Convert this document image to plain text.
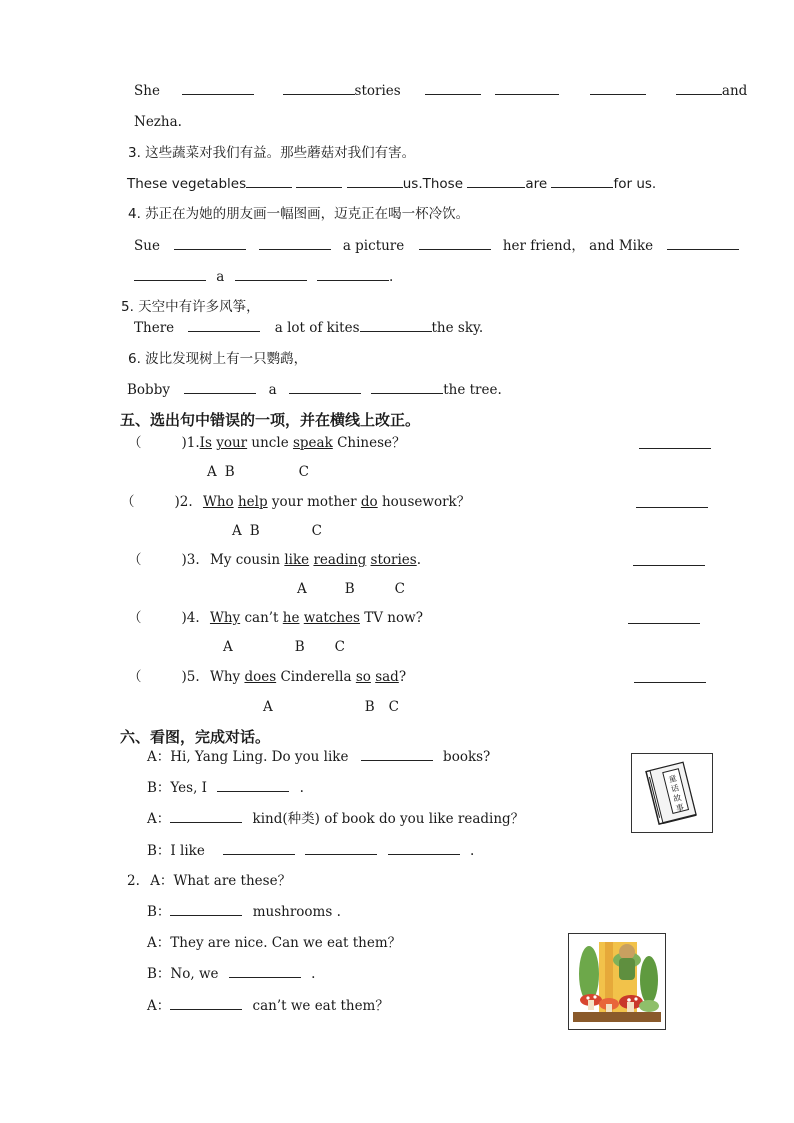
She	stories	and
Nezha.
3. 这些蔬菜对我们有益。那些蘑菇对我们有害。
These vegetables	us.Those	are	for us.
4. 苏正在为她的朋友画一幅图画，迈克正在喝一杯冷饮。
Sue	a picture	her friend， and Mike
a	.
5. 天空中有许多风筝，
There	a lot of kites	the sky.
6. 波比发现树上有一只鹦鹉，
Bobby	a	the tree.
五、选出句中错误的一项，并在横线上改正。
（	)1.Is your uncle speak Chinese？
A B	C
（	)2. Who help your mother do housework？
A B	C
（	)3. My cousin like reading stories.
A	B	C
（	)4. Why can’t he watches TV now?
A	B C
（	)5. Why does Cinderella so sad?
A	B C
六、看图，完成对话。
A：Hi, Yang Ling. Do you like	books?
B：Yes, I	.
A：	kind(种类) of book do you like reading？
B：I like	.
2. A：What are these？
B：	mushrooms .
A：They are nice. Can we eat them？
B：No, we	.
A：	can’t we eat them？
童
话
故
事
